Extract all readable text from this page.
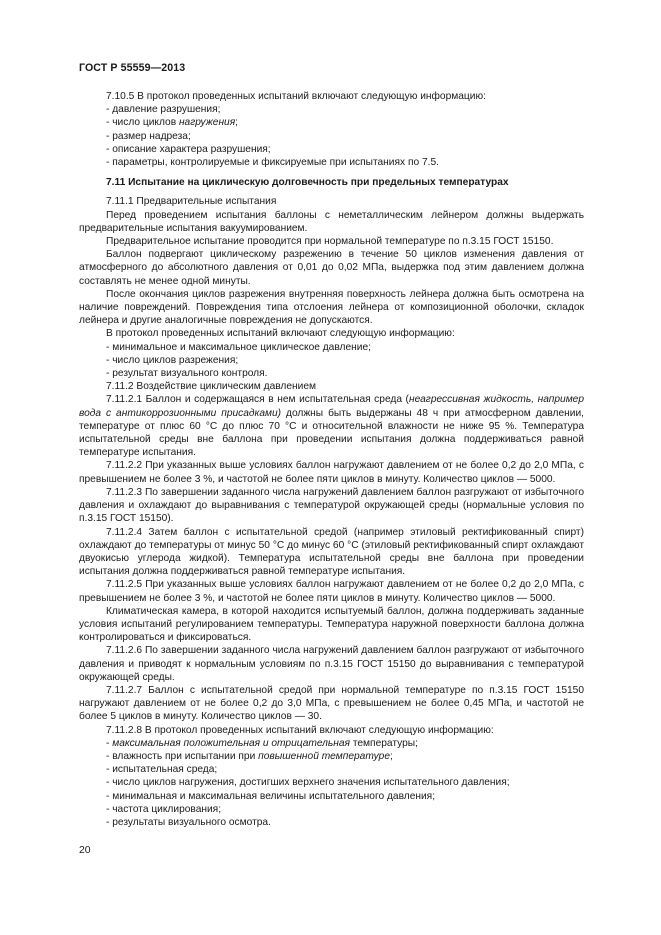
ГОСТ Р 55559—2013
7.10.5 В протокол проведенных испытаний включают следующую информацию:
- давление разрушения;
- число циклов нагружения;
- размер надреза;
- описание характера разрушения;
- параметры, контролируемые и фиксируемые при испытаниях по 7.5.
7.11 Испытание на циклическую долговечность при предельных температурах
7.11.1 Предварительные испытания
Перед проведением испытания баллоны с неметаллическим лейнером должны выдержать предварительные испытания вакуумированием.
Предварительное испытание проводится при нормальной температуре по п.3.15 ГОСТ 15150.
Баллон подвергают циклическому разрежению в течение 50 циклов изменения давления от атмосферного до абсолютного давления от 0,01 до 0,02 МПа, выдержка под этим давлением должна составлять не менее одной минуты.
После окончания циклов разрежения внутренняя поверхность лейнера должна быть осмотрена на наличие повреждений. Повреждения типа отслоения лейнера от композиционной оболочки, складок лейнера и другие аналогичные повреждения не допускаются.
В протокол проведенных испытаний включают следующую информацию:
- минимальное и максимальное циклическое давление;
- число циклов разрежения;
- результат визуального контроля.
7.11.2 Воздействие циклическим давлением
7.11.2.1 Баллон и содержащаяся в нем испытательная среда (неагрессивная жидкость, например вода с антикоррозионными присадками) должны быть выдержаны 48 ч при атмосферном давлении, температуре от плюс 60 °С до плюс 70 °С и относительной влажности не ниже 95 %. Температура испытательной среды вне баллона при проведении испытания должна поддерживаться равной температуре испытания.
7.11.2.2 При указанных выше условиях баллон нагружают давлением от не более 0,2 до 2,0 МПа, с превышением не более 3 %, и частотой не более пяти циклов в минуту. Количество циклов — 5000.
7.11.2.3 По завершении заданного числа нагружений давлением баллон разгружают от избыточного давления и охлаждают до выравнивания с температурой окружающей среды (нормальные условия по п.3.15 ГОСТ 15150).
7.11.2.4 Затем баллон с испытательной средой (например этиловый ректификованный спирт) охлаждают до температуры от минус 50 °С до минус 60 °С (этиловый ректификованный спирт охлаждают двуокисью углерода жидкой). Температура испытательной среды вне баллона при проведении испытания должна поддерживаться равной температуре испытания.
7.11.2.5 При указанных выше условиях баллон нагружают давлением от не более 0,2 до 2,0 МПа, с превышением не более 3 %, и частотой не более пяти циклов в минуту. Количество циклов — 5000.
Климатическая камера, в которой находится испытуемый баллон, должна поддерживать заданные условия испытаний регулированием температуры. Температура наружной поверхности баллона должна контролироваться и фиксироваться.
7.11.2.6 По завершении заданного числа нагружений давлением баллон разгружают от избыточного давления и приводят к нормальным условиям по п.3.15 ГОСТ 15150 до выравнивания с температурой окружающей среды.
7.11.2.7 Баллон с испытательной средой при нормальной температуре по п.3.15 ГОСТ 15150 нагружают давлением от не более 0,2 до 3,0 МПа, с превышением не более 0,45 МПа, и частотой не более 5 циклов в минуту. Количество циклов — 30.
7.11.2.8 В протокол проведенных испытаний включают следующую информацию:
- максимальная положительная и отрицательная температуры;
- влажность при испытании при повышенной температуре;
- испытательная среда;
- число циклов нагружения, достигших верхнего значения испытательного давления;
- минимальная и максимальная величины испытательного давления;
- частота циклирования;
- результаты визуального осмотра.
20
